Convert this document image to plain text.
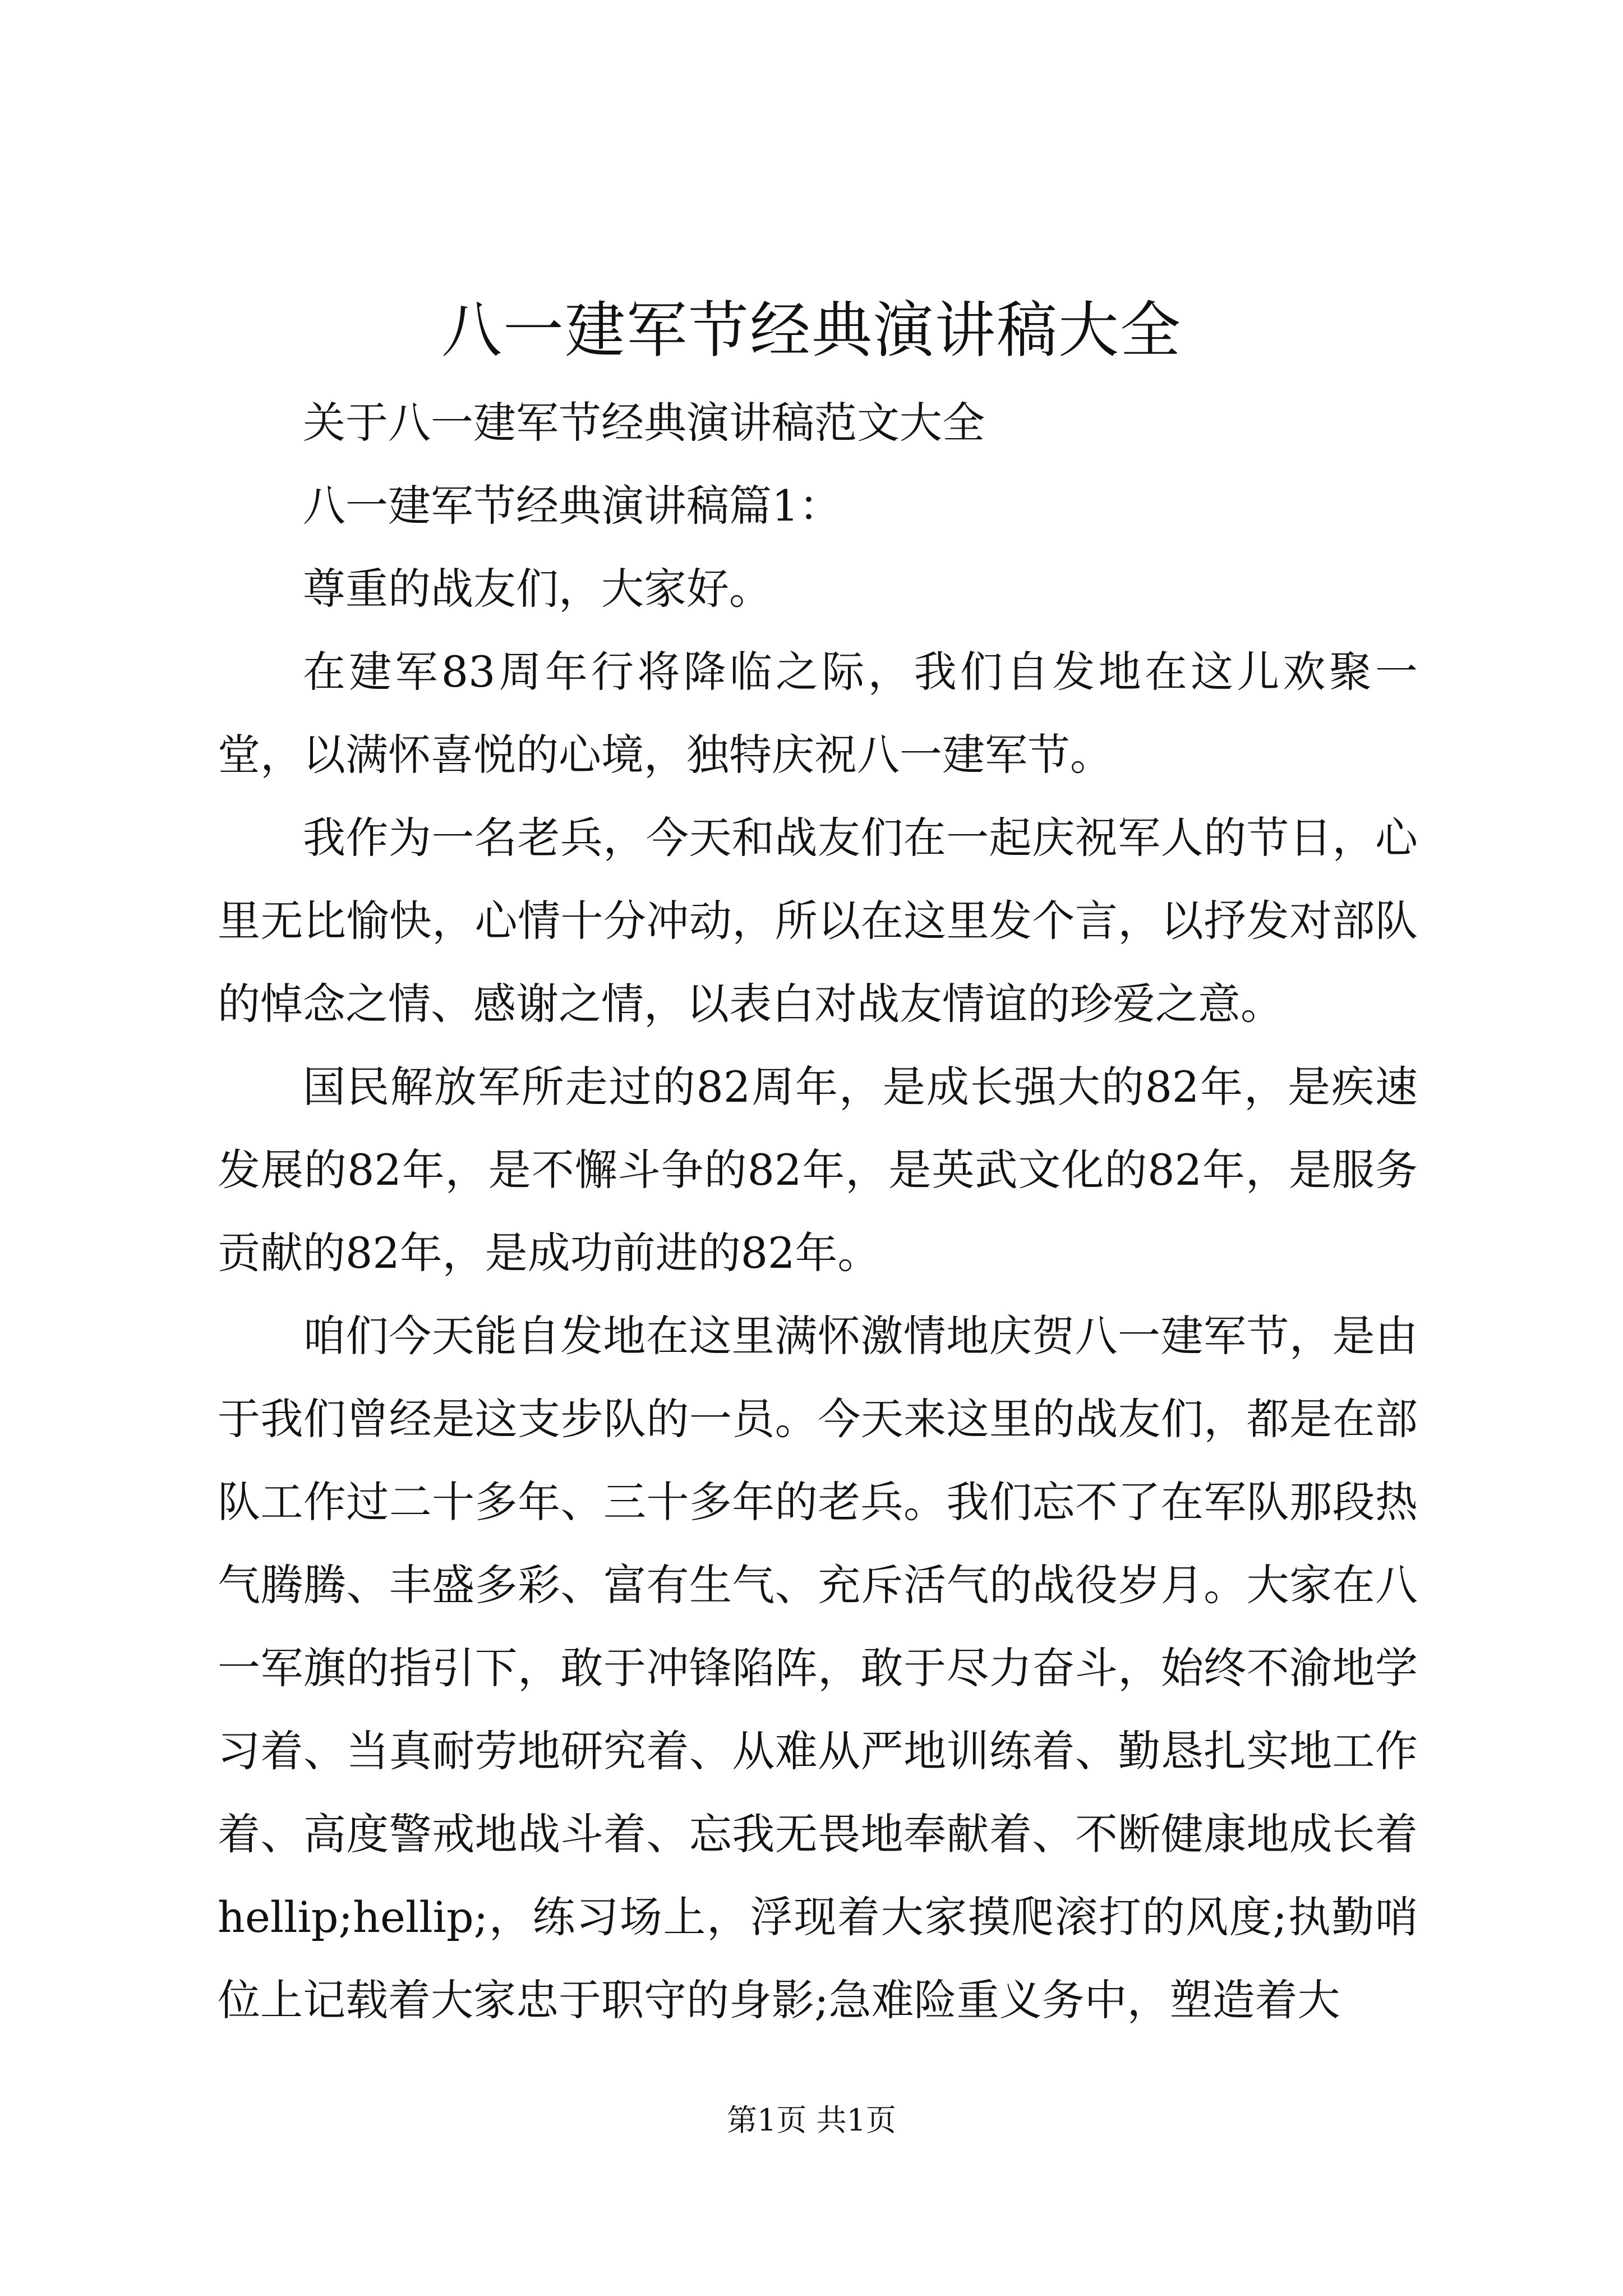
八一建军节经典演讲稿大全

关于八一建军节经典演讲稿范文大全

八一建军节经典演讲稿篇1：

尊重的战友们，大家好。

在建军83周年行将降临之际，我们自发地在这儿欢聚一堂，以满怀喜悦的心境，独特庆祝八一建军节。

我作为一名老兵，今天和战友们在一起庆祝军人的节日，心里无比愉快，心情十分冲动，所以在这里发个言，以抒发对部队的悼念之情、感谢之情，以表白对战友情谊的珍爱之意。

国民解放军所走过的82周年，是成长强大的82年，是疾速发展的82年，是不懈斗争的82年，是英武文化的82年，是服务贡献的82年，是成功前进的82年。

咱们今天能自发地在这里满怀激情地庆贺八一建军节，是由于我们曾经是这支步队的一员。今天来这里的战友们，都是在部队工作过二十多年、三十多年的老兵。我们忘不了在军队那段热气腾腾、丰盛多彩、富有生气、充斥活气的战役岁月。大家在八一军旗的指引下，敢于冲锋陷阵，敢于尽力奋斗，始终不渝地学习着、当真耐劳地研究着、从难从严地训练着、勤恳扎实地工作着、高度警戒地战斗着、忘我无畏地奉献着、不断健康地成长着hellip;hellip;，练习场上，浮现着大家摸爬滚打的风度;执勤哨位上记载着大家忠于职守的身影;急难险重义务中，塑造着大

第1页 共1页
